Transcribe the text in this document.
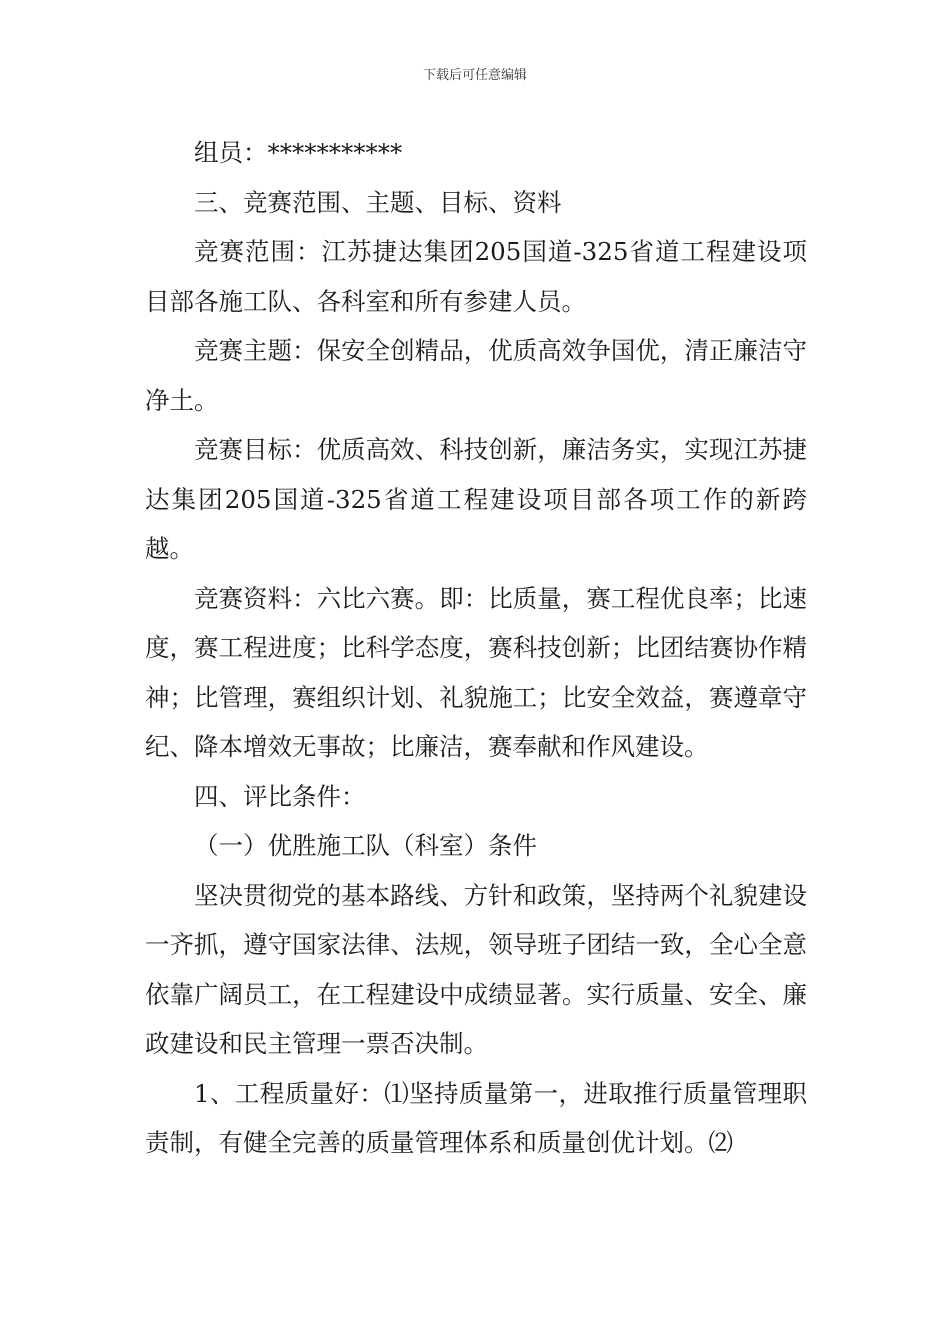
下载后可任意编辑

组员：***********

三、竞赛范围、主题、目标、资料

竞赛范围：江苏捷达集团205国道-325省道工程建设项目部各施工队、各科室和所有参建人员。

竞赛主题：保安全创精品，优质高效争国优，清正廉洁守净土。

竞赛目标：优质高效、科技创新，廉洁务实，实现江苏捷达集团205国道-325省道工程建设项目部各项工作的新跨越。

竞赛资料：六比六赛。即：比质量，赛工程优良率；比速度，赛工程进度；比科学态度，赛科技创新；比团结赛协作精神；比管理，赛组织计划、礼貌施工；比安全效益，赛遵章守纪、降本增效无事故；比廉洁，赛奉献和作风建设。

四、评比条件：

（一）优胜施工队（科室）条件

坚决贯彻党的基本路线、方针和政策，坚持两个礼貌建设一齐抓，遵守国家法律、法规，领导班子团结一致，全心全意依靠广阔员工，在工程建设中成绩显著。实行质量、安全、廉政建设和民主管理一票否决制。

1、工程质量好：⑴坚持质量第一，进取推行质量管理职责制，有健全完善的质量管理体系和质量创优计划。⑵
